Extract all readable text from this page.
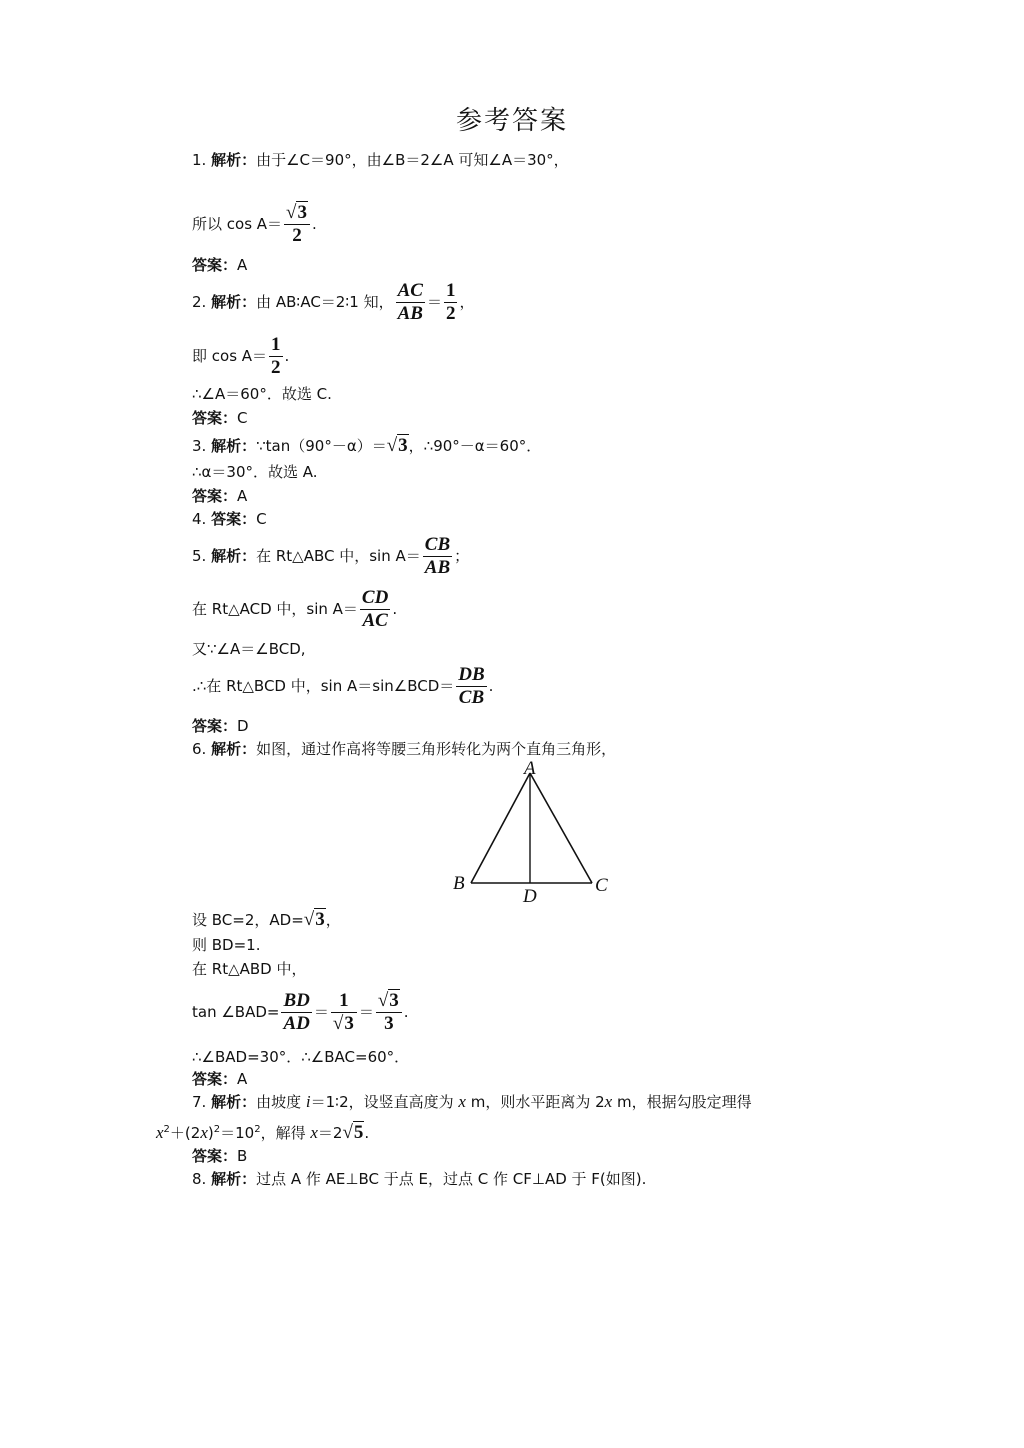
参考答案
1. 解析：由于∠C＝90°，由∠B＝2∠A 可知∠A＝30°，
所以 $\cos A= \frac{√3}{2}$ .
答案：A
2. 解析：由 AB∶AC＝2∶1 知， $\frac{AC}{AB} = \frac{1}{2}$ ，
即 $\cos A= \frac{1}{2}$ .
∴∠A＝60°．故选 C.
答案：C
3. 解析：∵tan（90°－α）＝√3，∴90°－α＝60°．
∴α＝30°．故选 A.
答案：A
4. 答案：C
5. 解析：在 Rt△ABC 中，$\sin A= \frac{CB}{AB}$ ；
在 Rt△ACD 中，$\sin A= \frac{CD}{AC}$ .
又∵∠A＝∠BCD,
.∴在 Rt△BCD 中，sin A＝sin∠BCD＝ $\frac{DB}{CB}$ .
答案：D
6. 解析：如图，通过作高将等腰三角形转化为两个直角三角形，
A
B	C
D
设 BC=2，AD=√3，
则 BD=1.
在 Rt△ABD 中，
tan ∠BAD= $\frac{BD}{AD} = \frac{1}{√3} = \frac{√3}{3}$ .
∴∠BAD=30°．∴∠BAC=60°．
答案：A
7. 解析：由坡度 i＝1∶2，设竖直高度为 x m，则水平距离为 2x m，根据勾股定理得
$x^2+(2x)^2=10^2$，解得 x＝2√5.
答案：B
8. 解析：过点 A 作 AE⊥BC 于点 E，过点 C 作 CF⊥AD 于 F(如图).
